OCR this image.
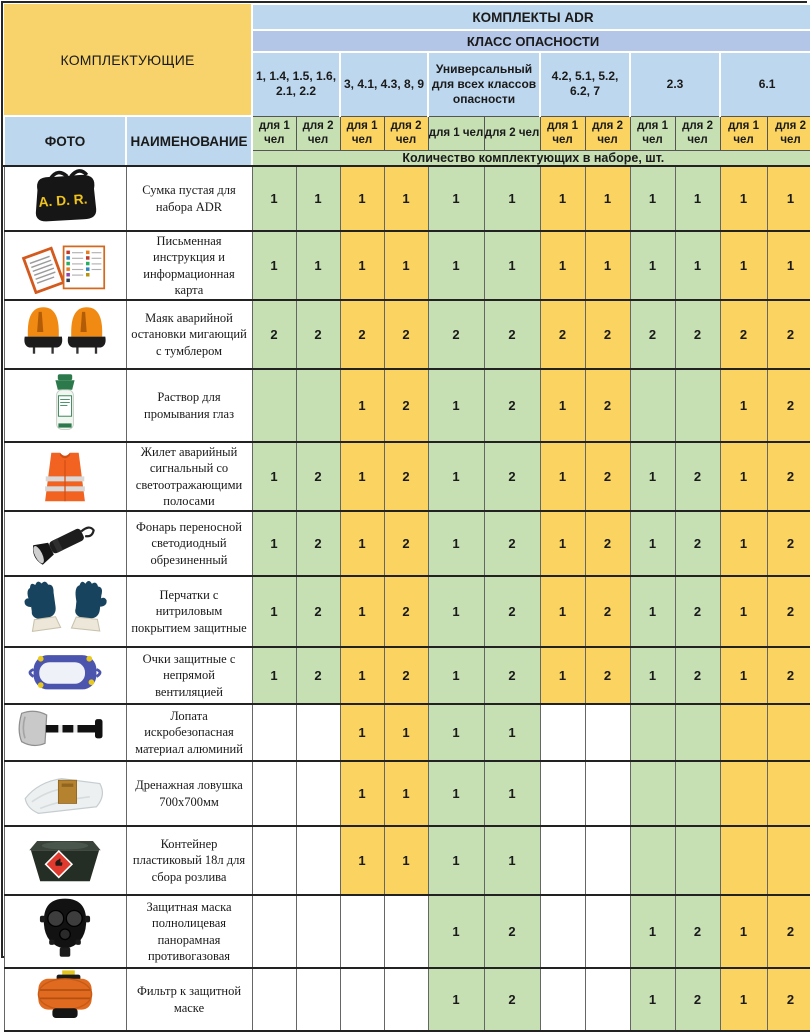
КОМПЛЕКТУЮЩИЕ		КОМПЛЕКТЫ ADR											
		КЛАСС ОПАСНОСТИ											
		1, 1.4, 1.5, 1.6, 2.1, 2.2		3, 4.1, 4.3, 8, 9		Универсальный для всех классов опасности		4.2, 5.1, 5.2, 6.2, 7		2.3		6.1	
ФОТО	НАИМЕНОВАНИЕ	для 1 чел	для 2 чел	для 1 чел	для 2 чел	для 1 чел	для 2 чел	для 1 чел	для 2 чел	для 1 чел	для 2 чел	для 1 чел	для 2 чел
		Количество комплектующих в наборе, шт.											

A. D. R.	Сумка пустая для набора ADR	1	1	1	1	1	1	1	1	1	1	1	1

	Письменная инструкция и информационная карта	1	1	1	1	1	1	1	1	1	1	1	1

	Маяк аварийной остановки мигающий с тумблером	2	2	2	2	2	2	2	2	2	2	2	2

	Раствор для промывания глаз			1	2	1	2	1	2			1	2

	Жилет аварийный сигнальный со светоотражающими полосами	1	2	1	2	1	2	1	2	1	2	1	2

	Фонарь переносной светодиодный обрезиненный	1	2	1	2	1	2	1	2	1	2	1	2

	Перчатки с нитриловым покрытием защитные	1	2	1	2	1	2	1	2	1	2	1	2

	Очки защитные с непрямой вентиляцией	1	2	1	2	1	2	1	2	1	2	1	2

	Лопата искробезопасная материал алюминий			1	1	1	1						

	Дренажная ловушка 700х700мм			1	1	1	1						

	Контейнер пластиковый 18л для сбора розлива			1	1	1	1						

	Защитная маска полнолицевая панорамная противогазовая					1	2			1	2	1	2

	Фильтр к защитной маске					1	2			1	2	1	2
